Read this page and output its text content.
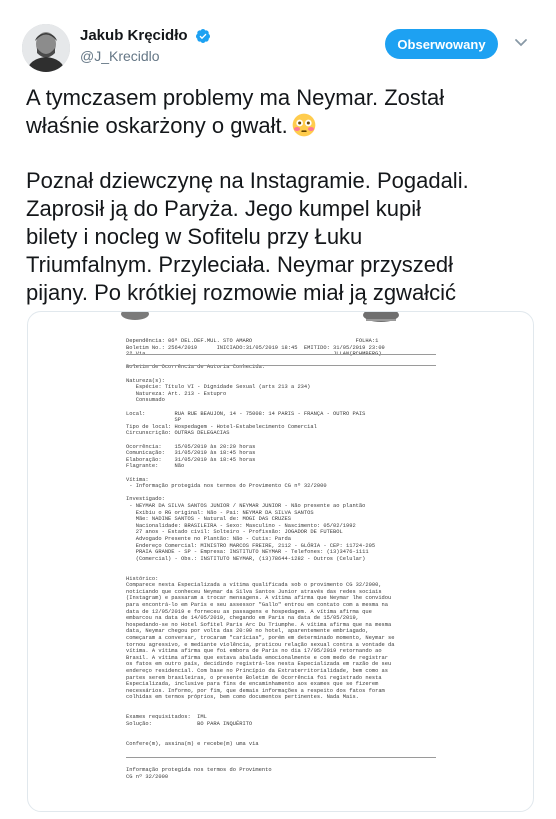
Jakub Kręcidło
@J_Krecidlo
Obserwowany

A tymczasem problemy ma Neymar. Został

właśnie oskarżony o gwałt.

Poznał dziewczynę na Instagramie. Pogadali.

Zaprosił ją do Paryża. Jego kumpel kupił

bilety i nocleg w Sofitelu przy Łuku

Triumfalnym. Przyleciała. Neymar przyszedł

pijany. Po krótkiej rozmowie miał ją zgwałcić

Dependência: 06ª DEL.DEF.MUL. STO AMARO                                FOLHA:1
Boletim No.: 2564/2019      INICIADO:31/05/2019 18:45  EMITIDO: 31/05/2019 23:09
2ª Via                                                          JLLAN(RCHMBERG)
Boletim de Ocorrência de Autoria Conhecida.
Natureza(s):
Espécie: Título VI - Dignidade Sexual (arts 213 a 234)
Natureza: Art. 213 - Estupro
Consumado
Local:         RUA RUE BEAUJON, 14 - 75008: 14 PARIS - FRANÇA - OUTRO PAIS
SP
Tipo de local: Hospedagem - Hotel-Estabelecimento Comercial
Circunscrição: OUTRAS DELEGACIAS
Ocorrência:    15/05/2019 às 20:20 horas
Comunicação:   31/05/2019 às 18:45 horas
Elaboração:    31/05/2019 às 18:45 horas
Flagrante:     Não
Vítima:
- Informação protegida nos termos do Provimento CG nº 32/2000
Investigado:
- NEYMAR DA SILVA SANTOS JUNIOR / NEYMAR JUNIOR - Não presente ao plantão
Exibiu o RG original: Não - Pai: NEYMAR DA SILVA SANTOS
Mãe: NADINE SANTOS - Natural de: MOGI DAS CRUZES
Nacionalidade: BRASILEIRA - Sexo: Masculino - Nascimento: 05/02/1992
27 anos - Estado civil: Solteiro - Profissão: JOGADOR DE FUTEBOL
Advogado Presente no Plantão: Não - Cutis: Parda
Endereço Comercial: MINISTRO MARCOS FREIRE, 2112 - GLÓRIA - CEP: 11724-205
PRAIA GRANDE - SP - Empresa: INSTITUTO NEYMAR - Telefones: (13)3476-1111
(Comercial) - Obs.: INSTITUTO NEYMAR, (13)78644-1282 - Outros (Celular)
Histórico:
Comparece nesta Especializada a vítima qualificada sob o provimento CG 32/2000,
noticiando que conheceu Neymar da Silva Santos Junior através das redes sociais
(Instagram) e passaram a trocar mensagens. A vítima afirma que Neymar lhe convidou
para encontrá-lo em Paris e seu assessor "Gallo" entrou em contato com a mesma na
data de 12/05/2019 e forneceu as passagens e hospedagem. A vítima afirma que
embarcou na data de 14/05/2019, chegando em Paris na data de 15/05/2019,
hospedando-se no Hotel Sofitel Paris Arc Du Triumphe. A vítima afirma que na mesma
data, Neymar chegou por volta das 20:00 no hotel, aparentemente embriagado,
começaram a conversar, trocaram "carícias", porém em determinado momento, Neymar se
tornou agressivo, e mediante violência, praticou relação sexual contra a vontade da
vítima. A vítima afirma que foi embora de Paris no dia 17/05/2019 retornando ao
Brasil. A vítima afirma que estava abalada emocionalmente e com medo de registrar
os fatos em outro país, decidindo registrá-los nesta Especializada em razão de seu
endereço residencial. Com base no Princípio da Extraterritorialidade, bem como as
partes serem brasileiras, o presente Boletim de Ocorrência foi registrado nesta
Especializada, inclusive para fins de encaminhamento aos exames que se fizerem
necessários. Informo, por fim, que demais informações a respeito dos fatos foram
colhidas em termos próprios, bem como documentos pertinentes. Nada Mais.
Exames requisitados:  IML
Solução:              BO PARA INQUÉRITO
Confere(m), assina(m) e recebe(m) uma via
Informação protegida nos termos do Provimento
CG nº 32/2000
